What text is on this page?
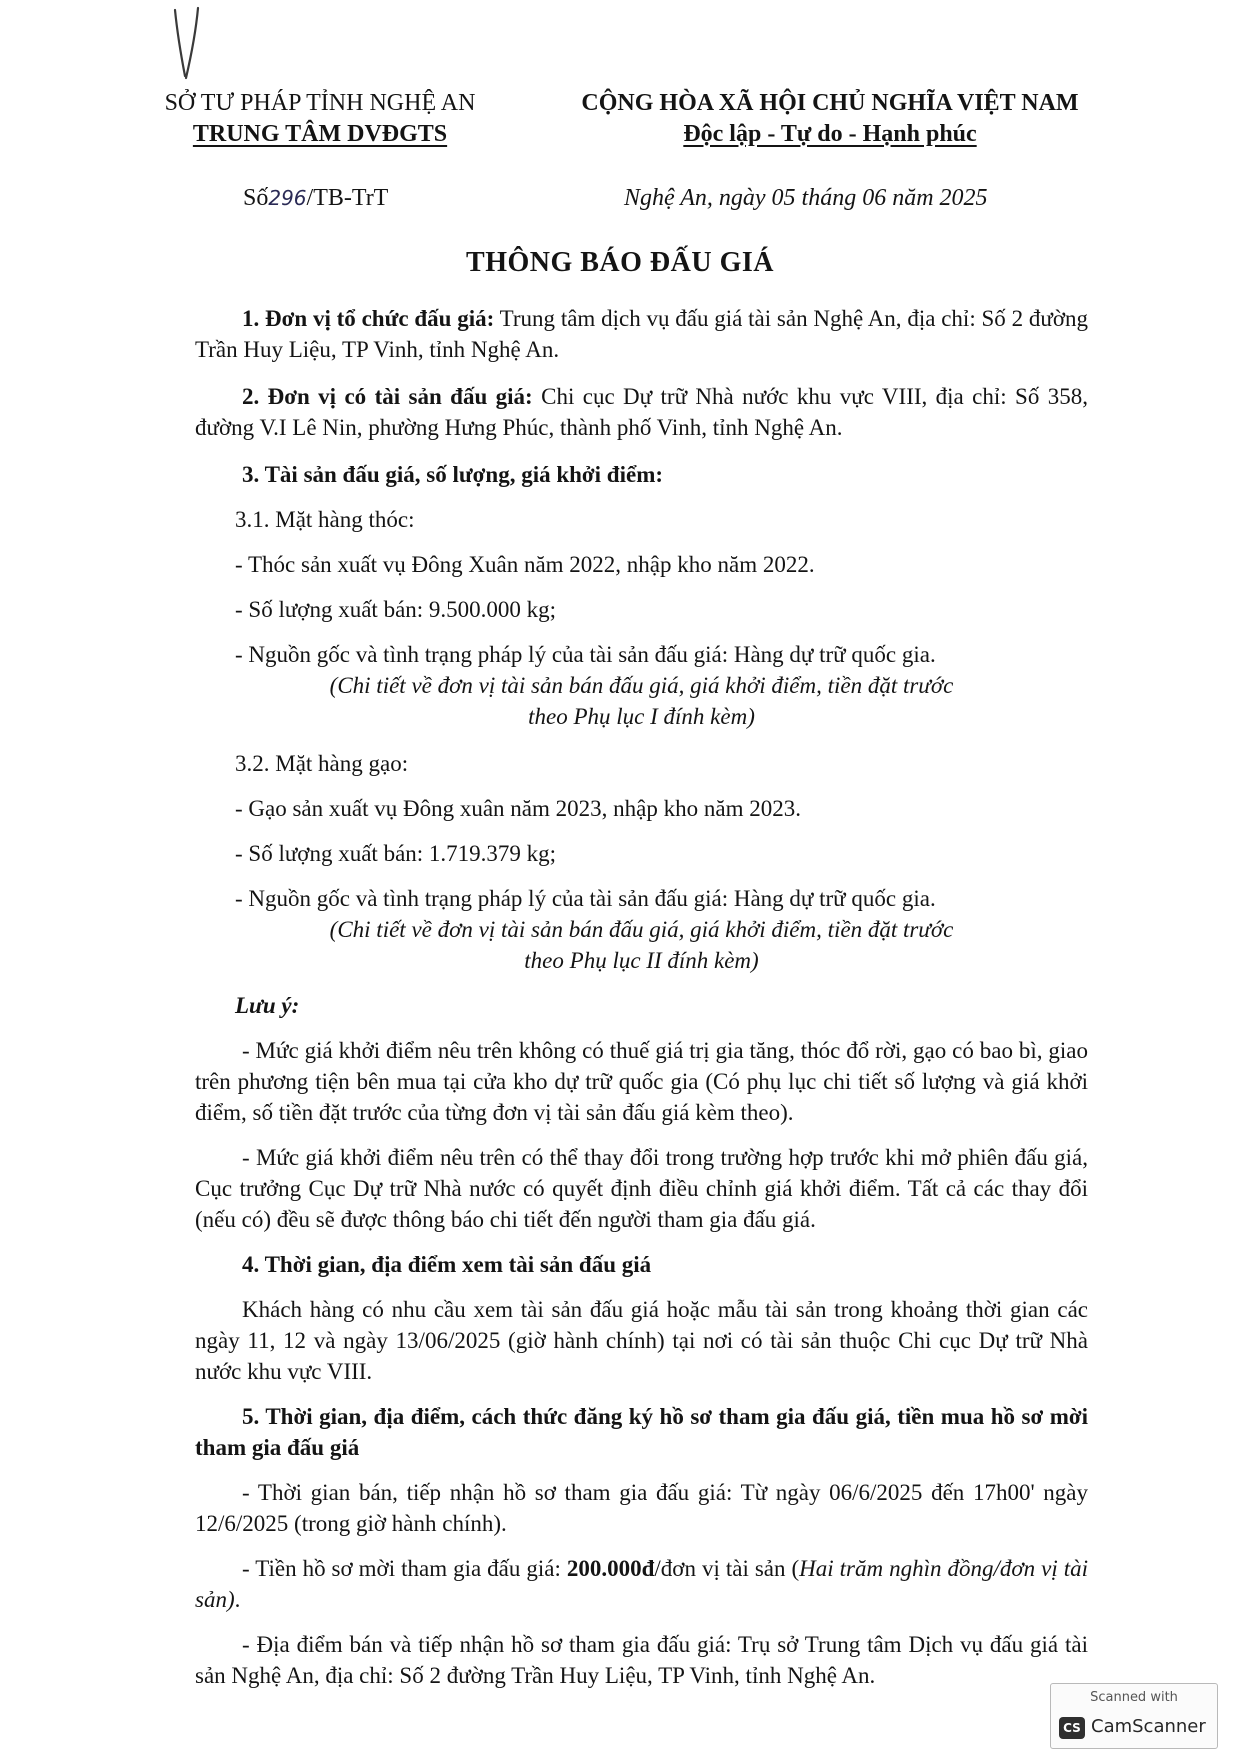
SỞ TƯ PHÁP TỈNH NGHỆ AN
TRUNG TÂM DVĐGTS
CỘNG HÒA XÃ HỘI CHỦ NGHĨA VIỆT NAM
Độc lập - Tự do - Hạnh phúc
Số296/TB-TrT	Nghệ An, ngày 05 tháng 06 năm 2025
THÔNG BÁO ĐẤU GIÁ

1. Đơn vị tổ chức đấu giá: Trung tâm dịch vụ đấu giá tài sản Nghệ An, địa chỉ: Số 2 đường Trần Huy Liệu, TP Vinh, tỉnh Nghệ An.

2. Đơn vị có tài sản đấu giá: Chi cục Dự trữ Nhà nước khu vực VIII, địa chỉ: Số 358, đường V.I Lê Nin, phường Hưng Phúc, thành phố Vinh, tỉnh Nghệ An.

3. Tài sản đấu giá, số lượng, giá khởi điểm:

3.1. Mặt hàng thóc:

- Thóc sản xuất vụ Đông Xuân năm 2022, nhập kho năm 2022.

- Số lượng xuất bán: 9.500.000 kg;

- Nguồn gốc và tình trạng pháp lý của tài sản đấu giá: Hàng dự trữ quốc gia.

(Chi tiết về đơn vị tài sản bán đấu giá, giá khởi điểm, tiền đặt trước
theo Phụ lục I đính kèm)

3.2. Mặt hàng gạo:

- Gạo sản xuất vụ Đông xuân năm 2023, nhập kho năm 2023.

- Số lượng xuất bán: 1.719.379 kg;

- Nguồn gốc và tình trạng pháp lý của tài sản đấu giá: Hàng dự trữ quốc gia.

(Chi tiết về đơn vị tài sản bán đấu giá, giá khởi điểm, tiền đặt trước
theo Phụ lục II đính kèm)

Lưu ý:

- Mức giá khởi điểm nêu trên không có thuế giá trị gia tăng, thóc đổ rời, gạo có bao bì, giao trên phương tiện bên mua tại cửa kho dự trữ quốc gia (Có phụ lục chi tiết số lượng và giá khởi điểm, số tiền đặt trước của từng đơn vị tài sản đấu giá kèm theo).

- Mức giá khởi điểm nêu trên có thể thay đổi trong trường hợp trước khi mở phiên đấu giá, Cục trưởng Cục Dự trữ Nhà nước có quyết định điều chỉnh giá khởi điểm. Tất cả các thay đổi (nếu có) đều sẽ được thông báo chi tiết đến người tham gia đấu giá.

4. Thời gian, địa điểm xem tài sản đấu giá

Khách hàng có nhu cầu xem tài sản đấu giá hoặc mẫu tài sản trong khoảng thời gian các ngày 11, 12 và ngày 13/06/2025 (giờ hành chính) tại nơi có tài sản thuộc Chi cục Dự trữ Nhà nước khu vực VIII.

5. Thời gian, địa điểm, cách thức đăng ký hồ sơ tham gia đấu giá, tiền mua hồ sơ mời tham gia đấu giá

- Thời gian bán, tiếp nhận hồ sơ tham gia đấu giá: Từ ngày 06/6/2025 đến 17h00' ngày 12/6/2025 (trong giờ hành chính).

- Tiền hồ sơ mời tham gia đấu giá: 200.000đ/đơn vị tài sản (Hai trăm nghìn đồng/đơn vị tài sản).

- Địa điểm bán và tiếp nhận hồ sơ tham gia đấu giá: Trụ sở Trung tâm Dịch vụ đấu giá tài sản Nghệ An, địa chỉ: Số 2 đường Trần Huy Liệu, TP Vinh, tỉnh Nghệ An.

Scanned with
CS CamScanner
